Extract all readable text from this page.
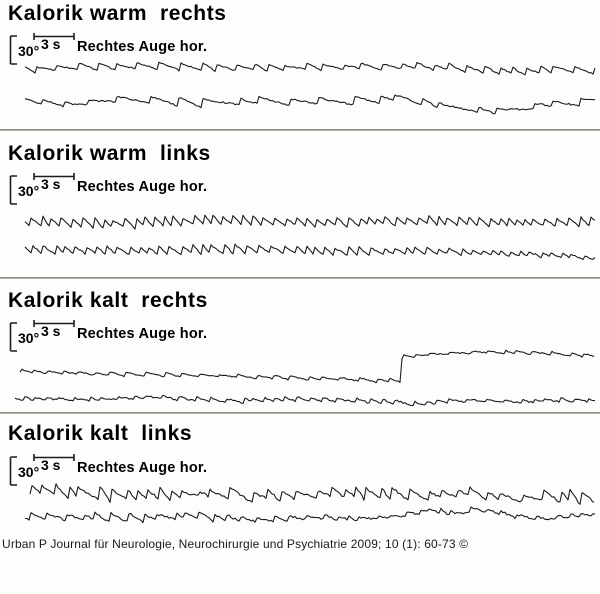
Kalorik warm  rechts
30° 3 s Rechtes Auge hor.
Kalorik warm  links
30° 3 s Rechtes Auge hor.
Kalorik kalt  rechts
30° 3 s Rechtes Auge hor.
Kalorik kalt  links
30° 3 s Rechtes Auge hor.
Urban P Journal für Neurologie, Neurochirurgie und Psychiatrie 2009; 10 (1): 60-73 ©
